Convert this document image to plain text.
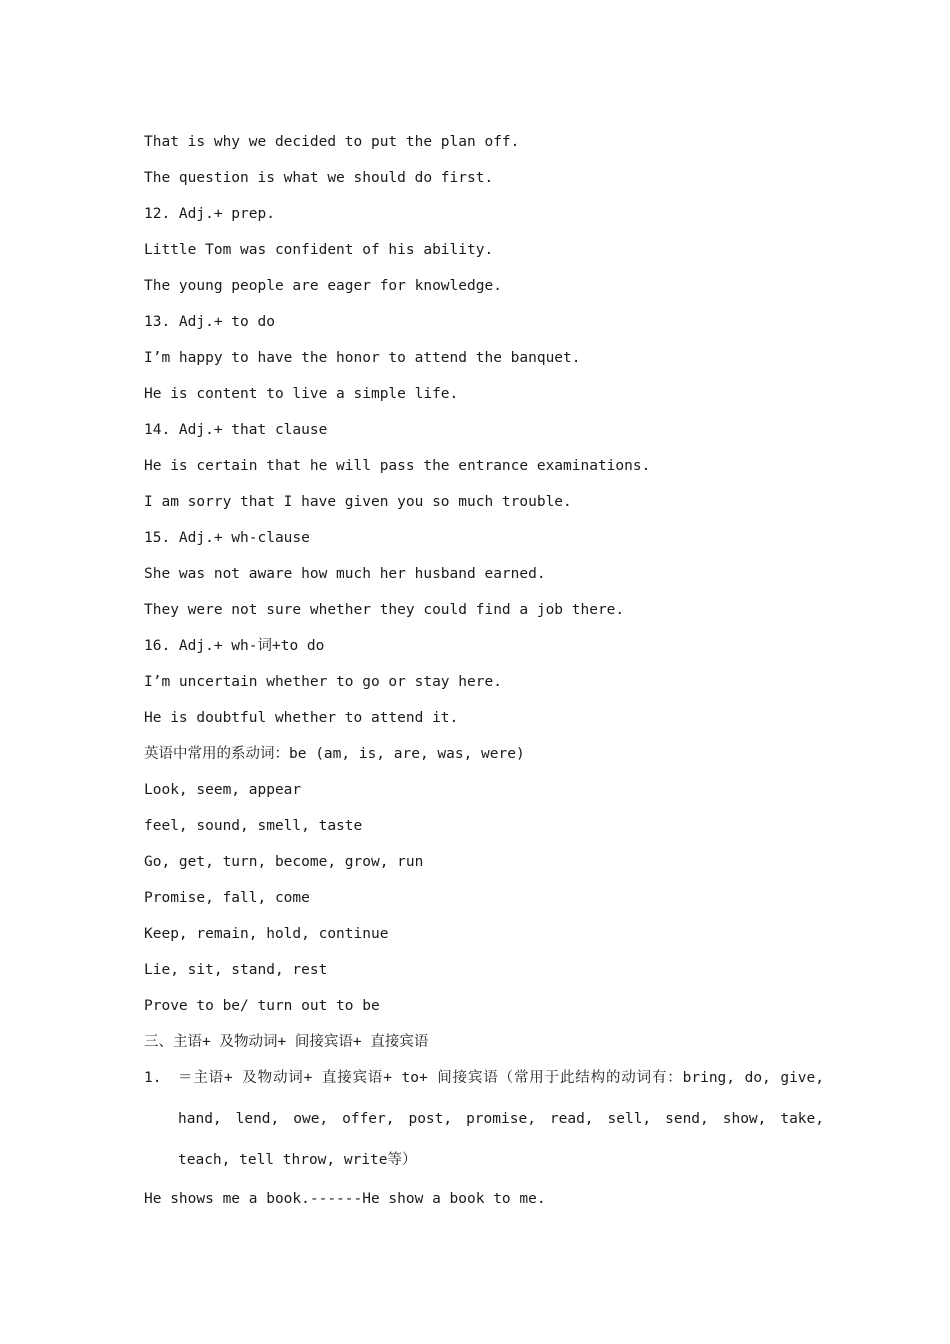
That is why we decided to put the plan off.
The question is what we should do first.
12. Adj.+ prep.
Little Tom was confident of his ability.
The young people are eager for knowledge.
13. Adj.+ to do
I’m happy to have the honor to attend the banquet.
He is content to live a simple life.
14. Adj.+ that clause
He is certain that he will pass the entrance examinations.
I am sorry that I have given you so much trouble.
15. Adj.+ wh-clause
She was not aware how much her husband earned.
They were not sure whether they could find a job there.
16. Adj.+ wh-词+to do
I’m uncertain whether to go or stay here.
He is doubtful whether to attend it.
英语中常用的系动词：be (am, is, are, was, were)
Look, seem, appear
feel, sound, smell, taste
Go, get, turn, become, grow, run
Promise, fall, come
Keep, remain, hold, continue
Lie, sit, stand, rest
Prove to be/ turn out to be
三、主语+ 及物动词+ 间接宾语+ 直接宾语
1.	＝主语+ 及物动词+ 直接宾语+ to+ 间接宾语（常用于此结构的动词有：bring, do, give, hand, lend, owe, offer, post, promise, read, sell, send, show, take, teach, tell throw, write等）
He shows me a book.------He show a book to me.
